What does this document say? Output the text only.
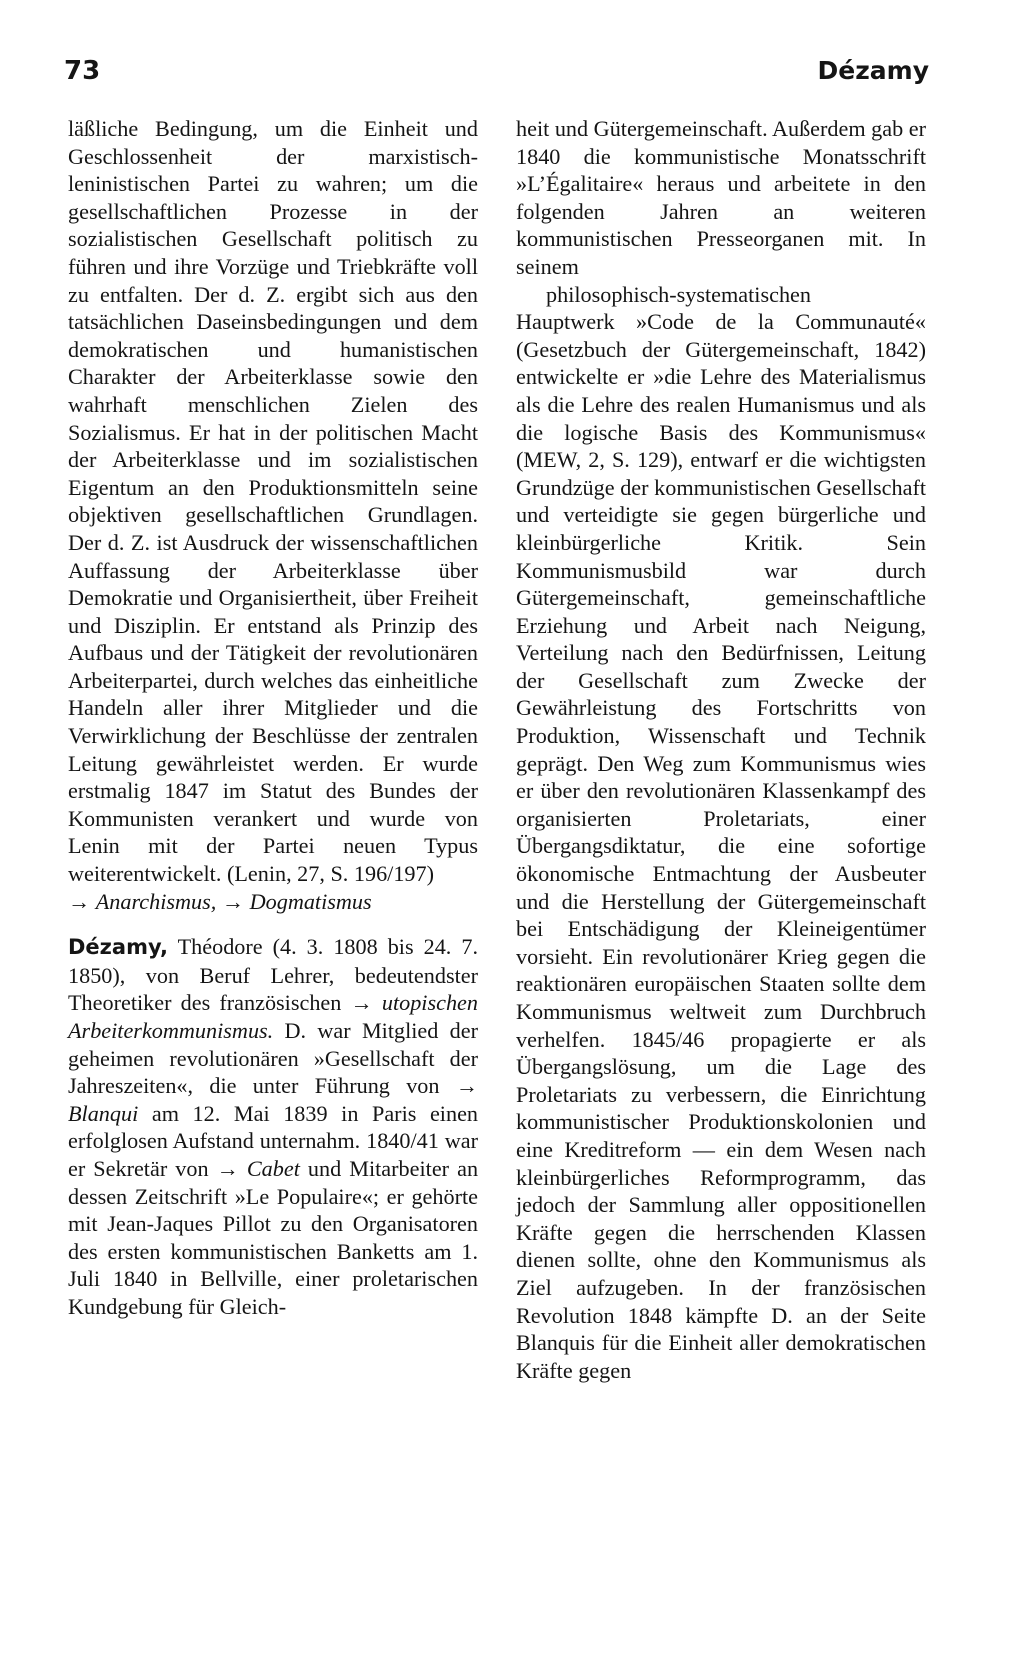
73	Dézamy

läßliche Bedingung, um die Einheit und Geschlossenheit der marxistisch-leninistischen Partei zu wahren; um die gesellschaftlichen Prozesse in der sozialistischen Gesellschaft politisch zu führen und ihre Vorzüge und Triebkräfte voll zu entfalten. Der d. Z. ergibt sich aus den tatsächlichen Daseinsbedingungen und dem demokratischen und humanistischen Charakter der Arbeiterklasse sowie den wahrhaft menschlichen Zielen des Sozialismus. Er hat in der politischen Macht der Arbeiterklasse und im sozialistischen Eigentum an den Produktionsmitteln seine objektiven gesellschaftlichen Grundlagen. Der d. Z. ist Ausdruck der wissenschaftlichen Auffassung der Arbeiterklasse über Demokratie und Organisiertheit, über Freiheit und Disziplin. Er entstand als Prinzip des Aufbaus und der Tätigkeit der revolutionären Arbeiterpartei, durch welches das einheitliche Handeln aller ihrer Mitglieder und die Verwirklichung der Beschlüsse der zentralen Leitung gewährleistet werden. Er wurde erstmalig 1847 im Statut des Bundes der Kommunisten verankert und wurde von Lenin mit der Partei neuen Typus weiterentwickelt. (Lenin, 27, S. 196/197)
→ Anarchismus, → Dogmatismus

Dézamy, Théodore (4. 3. 1808 bis 24. 7. 1850), von Beruf Lehrer, bedeutendster Theoretiker des französischen → utopischen Arbeiterkommunismus. D. war Mitglied der geheimen revolutionären »Gesellschaft der Jahreszeiten«, die unter Führung von → Blanqui am 12. Mai 1839 in Paris einen erfolglosen Aufstand unternahm. 1840/41 war er Sekretär von → Cabet und Mitarbeiter an dessen Zeitschrift »Le Populaire«; er gehörte mit Jean-Jaques Pillot zu den Organisatoren des ersten kommunistischen Banketts am 1. Juli 1840 in Bellville, einer proletarischen Kundgebung für Gleich-

heit und Gütergemeinschaft. Außerdem gab er 1840 die kommunistische Monatsschrift »L’Égalitaire« heraus und arbeitete in den folgenden Jahren an weiteren kommunistischen Presseorganen mit. In seinem
philosophisch-systematischen
Hauptwerk »Code de la Communauté« (Gesetzbuch der Gütergemeinschaft, 1842) entwickelte er »die Lehre des Materialismus als die Lehre des realen Humanismus und als die logische Basis des Kommunismus« (MEW, 2, S. 129), entwarf er die wichtigsten Grundzüge der kommunistischen Gesellschaft und verteidigte sie gegen bürgerliche und kleinbürgerliche Kritik. Sein Kommunismusbild war durch Gütergemeinschaft, gemeinschaftliche Erziehung und Arbeit nach Neigung, Verteilung nach den Bedürfnissen, Leitung der Gesellschaft zum Zwecke der Gewährleistung des Fortschritts von Produktion, Wissenschaft und Technik geprägt. Den Weg zum Kommunismus wies er über den revolutionären Klassenkampf des organisierten Proletariats, einer Übergangsdiktatur, die eine sofortige ökonomische Entmachtung der Ausbeuter und die Herstellung der Gütergemeinschaft bei Entschädigung der Kleineigentümer vorsieht. Ein revolutionärer Krieg gegen die reaktionären europäischen Staaten sollte dem Kommunismus weltweit zum Durchbruch verhelfen. 1845/46 propagierte er als Übergangslösung, um die Lage des Proletariats zu verbessern, die Einrichtung kommunistischer Produktionskolonien und eine Kreditreform — ein dem Wesen nach kleinbürgerliches Reformprogramm, das jedoch der Sammlung aller oppositionellen Kräfte gegen die herrschenden Klassen dienen sollte, ohne den Kommunismus als Ziel aufzugeben. In der französischen Revolution 1848 kämpfte D. an der Seite Blanquis für die Einheit aller demokratischen Kräfte gegen
